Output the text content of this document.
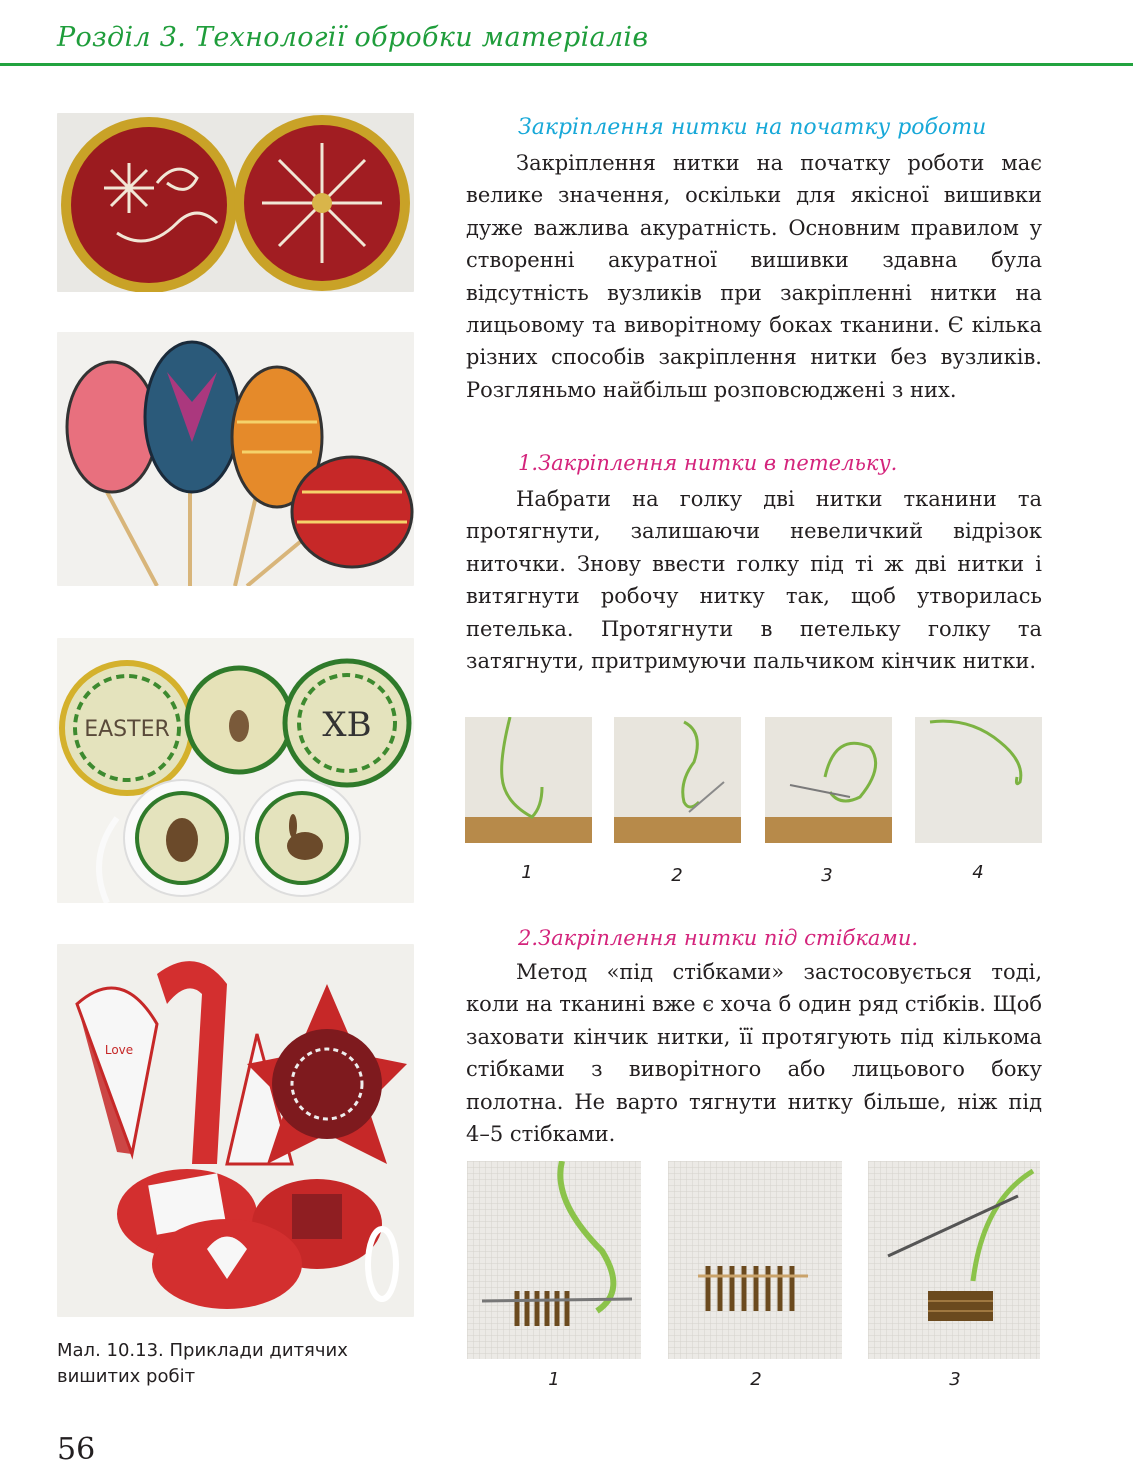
Розділ 3. Технології обробки матеріалів
EASTER	ХВ
Love
Мал. 10.13. Приклади дитячих вишитих робіт
56
Закріплення нитки на початку роботи

Закріплення нитки на початку роботи має велике значення, оскільки для якісної вишивки дуже важлива акуратність. Основним правилом у створенні акуратної вишивки здавна була відсутність вузликів при закріпленні нитки на лицьовому та виворітному боках тканини. Є кілька різних способів закріплення нитки без вузликів. Розгляньмо найбільш розповсюджені з них.

1.Закріплення нитки в петельку.

Набрати на голку дві нитки тканини та протягнути, залишаючи невеличкий відрізок ниточки. Знову ввести голку під ті ж дві нитки і витягнути робочу нитку так, щоб утворилась петелька. Протягнути в петельку голку та затягнути, притримуючи пальчиком кінчик нитки.

1	2	3	4
2.Закріплення нитки під стібками.

Метод «під стібками» застосовується тоді, коли на тканині вже є хоча б один ряд стібків. Щоб заховати кінчик нитки, її протягують під кількома стібками з виворітного або лицьового боку полотна. Не варто тягнути нитку більше, ніж під 4–5 стібками.

1	2	3
